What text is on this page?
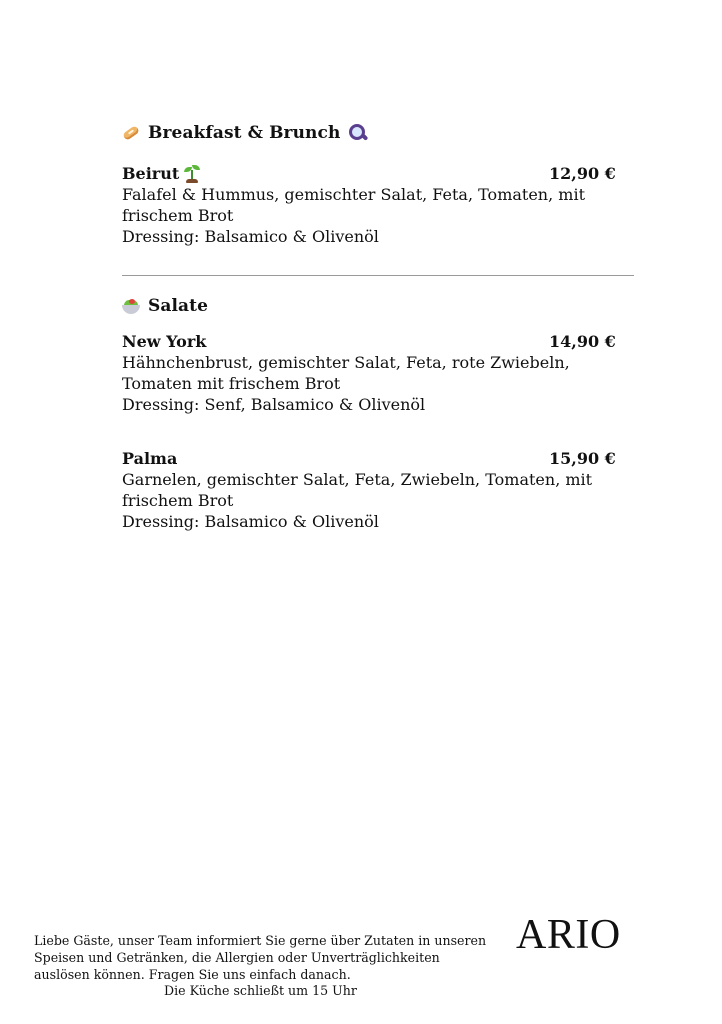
Breakfast & Brunch
Beirut	12,90 €
Falafel & Hummus, gemischter Salat, Feta, Tomaten, mit frischem Brot
Dressing: Balsamico & Olivenöl
Salate
New York	14,90 €
Hähnchenbrust, gemischter Salat, Feta, rote Zwiebeln, Tomaten mit frischem Brot
Dressing: Senf, Balsamico & Olivenöl
Palma	15,90 €
Garnelen, gemischter Salat, Feta, Zwiebeln, Tomaten, mit frischem Brot
Dressing: Balsamico & Olivenöl
Liebe Gäste, unser Team informiert Sie gerne über Zutaten in unseren Speisen und Getränken, die Allergien oder Unverträglichkeiten auslösen können. Fragen Sie uns einfach danach.
Die Küche schließt um 15 Uhr
ARIO
